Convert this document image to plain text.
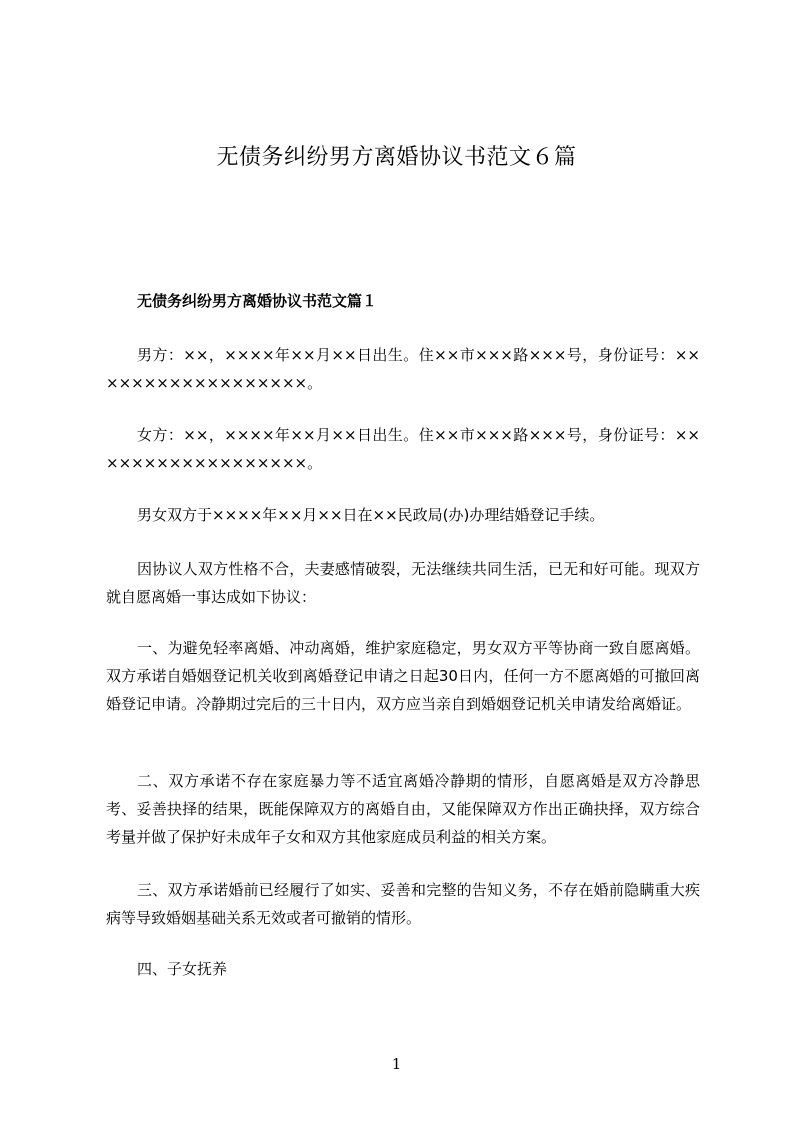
无债务纠纷男方离婚协议书范文６篇
无债务纠纷男方离婚协议书范文篇１

男方：××，××××年××月××日出生。住××市×××路×××号，身份证号：××××××××××××××××××。

女方：××，××××年××月××日出生。住××市×××路×××号，身份证号：××××××××××××××××××。

男女双方于××××年××月××日在××民政局(办)办理结婚登记手续。

因协议人双方性格不合，夫妻感情破裂，无法继续共同生活，已无和好可能。现双方就自愿离婚一事达成如下协议：

一、为避免轻率离婚、冲动离婚，维护家庭稳定，男女双方平等协商一致自愿离婚。双方承诺自婚姻登记机关收到离婚登记申请之日起30日内，任何一方不愿离婚的可撤回离婚登记申请。冷静期过完后的三十日内，双方应当亲自到婚姻登记机关申请发给离婚证。

二、双方承诺不存在家庭暴力等不适宜离婚冷静期的情形，自愿离婚是双方冷静思考、妥善抉择的结果，既能保障双方的离婚自由，又能保障双方作出正确抉择，双方综合考量并做了保护好未成年子女和双方其他家庭成员利益的相关方案。

三、双方承诺婚前已经履行了如实、妥善和完整的告知义务，不存在婚前隐瞒重大疾病等导致婚姻基础关系无效或者可撤销的情形。

四、子女抚养

1
